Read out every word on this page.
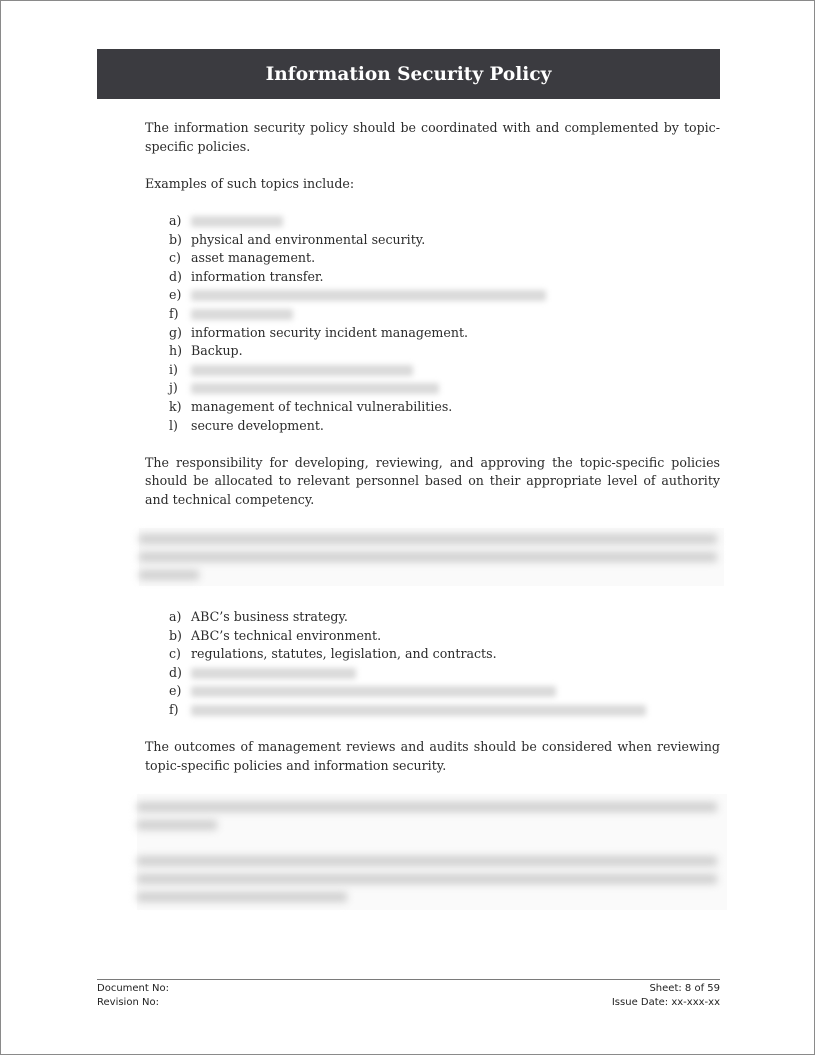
Information Security Policy

The information security policy should be coordinated with and complemented by topic-specific policies.

Examples of such topics include:

a)
b) physical and environmental security.
c) asset management.
d) information transfer.
e)
f)
g) information security incident management.
h) Backup.
i)
j)
k) management of technical vulnerabilities.
l)	secure development.

The responsibility for developing, reviewing, and approving the topic-specific policies should be allocated to relevant personnel based on their appropriate level of authority and technical competency.

a) ABC’s business strategy.
b) ABC’s technical environment.
c) regulations, statutes, legislation, and contracts.
d)
e)
f)

The outcomes of management reviews and audits should be considered when reviewing topic-specific policies and information security.

Document No:	Sheet: 8 of 59
Revision No:	Issue Date: xx-xxx-xx
